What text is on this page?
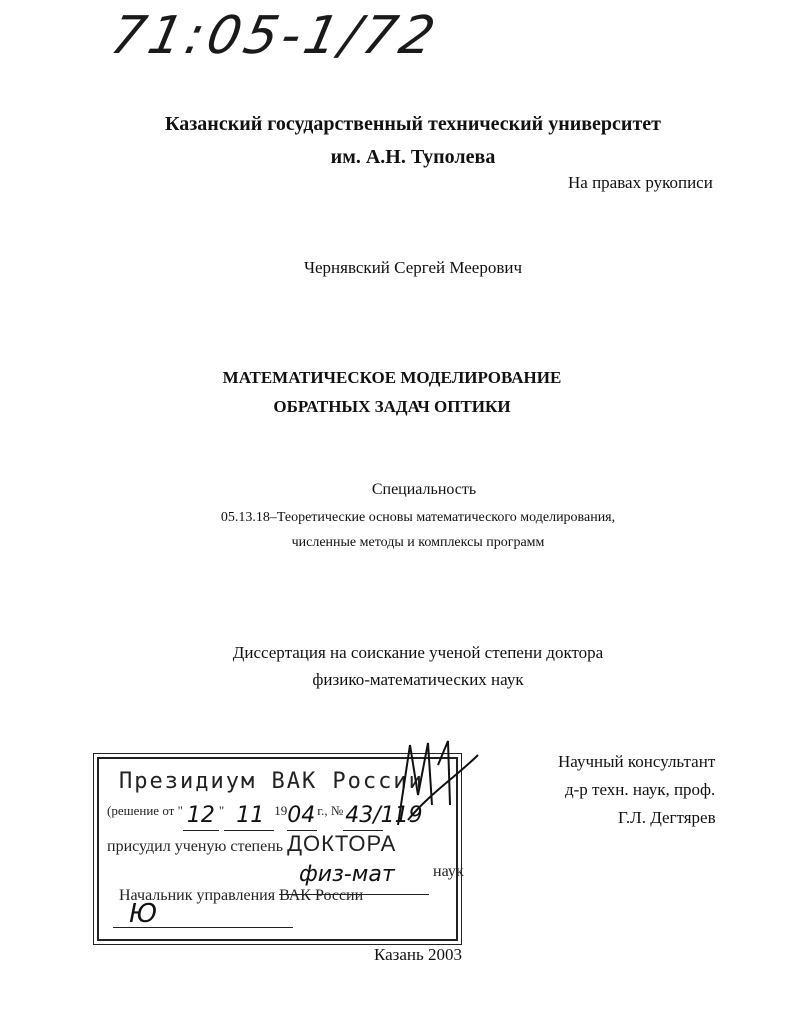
71:05-1/72
Казанский государственный технический университет
им. А.Н. Туполева
На правах рукописи
Чернявский Сергей Меерович
МАТЕМАТИЧЕСКОЕ МОДЕЛИРОВАНИЕ
ОБРАТНЫХ ЗАДАЧ ОПТИКИ
Специальность
05.13.18–Теоретические основы математического моделирования,
численные методы и комплексы программ
Диссертация на соискание ученой степени доктора
физико-математических наук
Научный консультант
д-р техн. наук, проф.
Г.Л. Дегтярев
Президиум ВАК России
(решение от " 12 " 11 19 04 г., № 43/119
присудил ученую степень ДОКТОРА
физ-мат наук
Начальник управления ВАК России
Ю
Казань 2003
